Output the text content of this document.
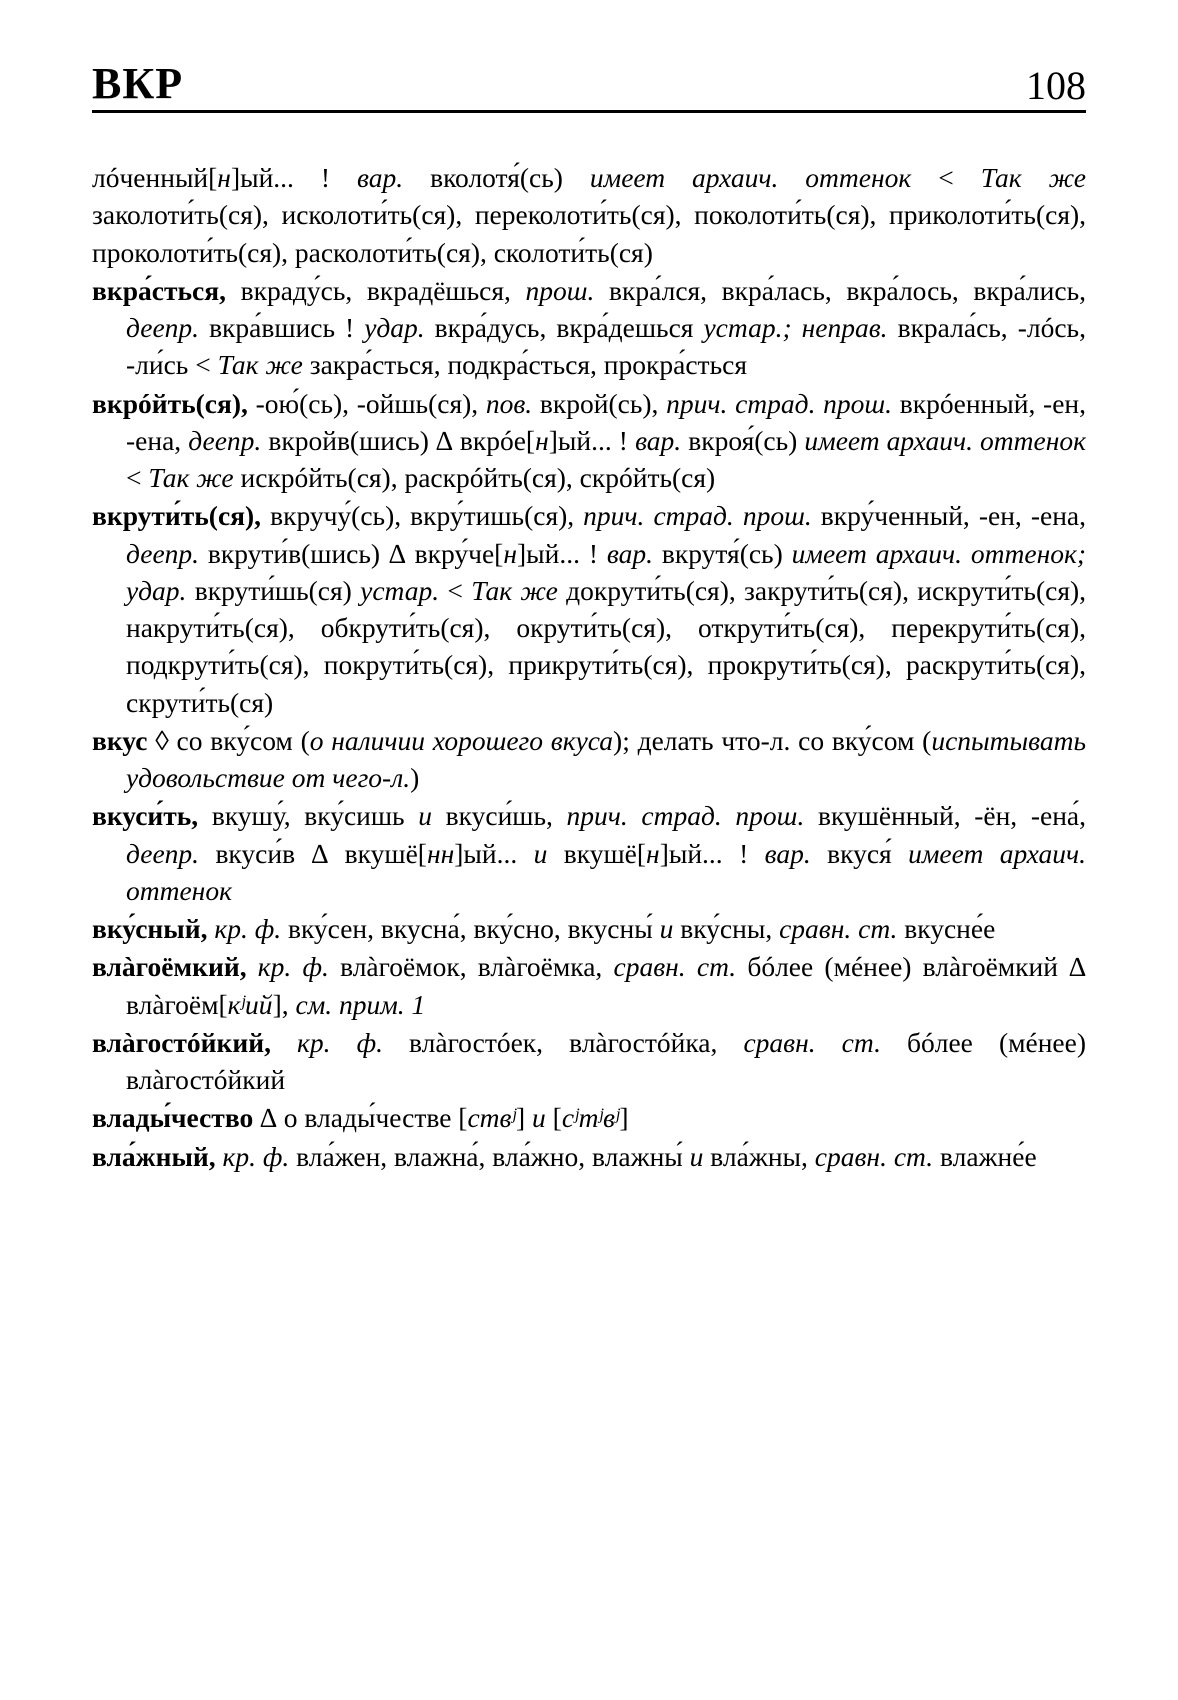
ВКР	108

лóченный[н]ый... ! вар. вколотя́(сь) имеет архаич. оттенок < Так же заколоти́ть(ся), исколоти́ть(ся), переколоти́ть(ся), поколоти́ть(ся), приколоти́ть(ся), проколоти́ть(ся), расколоти́ть(ся), сколоти́ть(ся)

вкра́сться, вкраду́сь, вкрадёшься, прош. вкра́лся, вкра́лась, вкра́лось, вкра́лись, деепр. вкра́вшись ! удар. вкра́дусь, вкра́дешься устар.; неправ. вкрала́сь, -лóсь, -ли́сь < Так же закра́сться, подкра́сться, прокра́сться

вкрóйть(ся), -ою́(сь), -ойшь(ся), пов. вкрой(сь), прич. страд. прош. вкрóенный, -ен, -ена, деепр. вкройв(шись) ∆ вкрóе[н]ый... ! вар. вкроя́(сь) имеет архаич. оттенок < Так же искрóйть(ся), раскрóйть(ся), скрóйть(ся)

вкрути́ть(ся), вкручу́(сь), вкру́тишь(ся), прич. страд. прош. вкру́ченный, -ен, -ена, деепр. вкрути́в(шись) ∆ вкру́че[н]ый... ! вар. вкрутя́(сь) имеет архаич. оттенок; удар. вкрути́шь(ся) устар. < Так же докрути́ть(ся), закрути́ть(ся), искрути́ть(ся), накрути́ть(ся), обкрути́ть(ся), окрути́ть(ся), открути́ть(ся), перекрути́ть(ся), подкрути́ть(ся), покрути́ть(ся), прикрути́ть(ся), прокрути́ть(ся), раскрути́ть(ся), скрути́ть(ся)

вкус ◊ со вку́сом (о наличии хорошего вкуса); делать что-л. со вку́сом (испытывать удовольствие от чего-л.)

вкуси́ть, вкушу́, вку́сишь и вкуси́шь, прич. страд. прош. вкушённый, -ён, -ена́, деепр. вкуси́в ∆ вкушё[нн]ый... и вкушё[н]ый... ! вар. вкуся́ имеет архаич. оттенок

вку́сный, кр. ф. вку́сен, вкусна́, вку́сно, вкусны́ и вку́сны, сравн. ст. вкусне́е

влàгоёмкий, кр. ф. влàгоёмок, влàгоёмка, сравн. ст. бóлее (мéнее) влàгоёмкий ∆ влàгоём[кʲий], см. прим. 1

влàгостóйкий, кр. ф. влàгостóек, влàгостóйка, сравн. ст. бóлее (мéнее) влàгостóйкий

влады́чество ∆ о влады́честве [ствʲ] и [сʲтʲвʲ]

вла́жный, кр. ф. вла́жен, влажна́, вла́жно, влажны́ и вла́жны, сравн. ст. влажне́е
